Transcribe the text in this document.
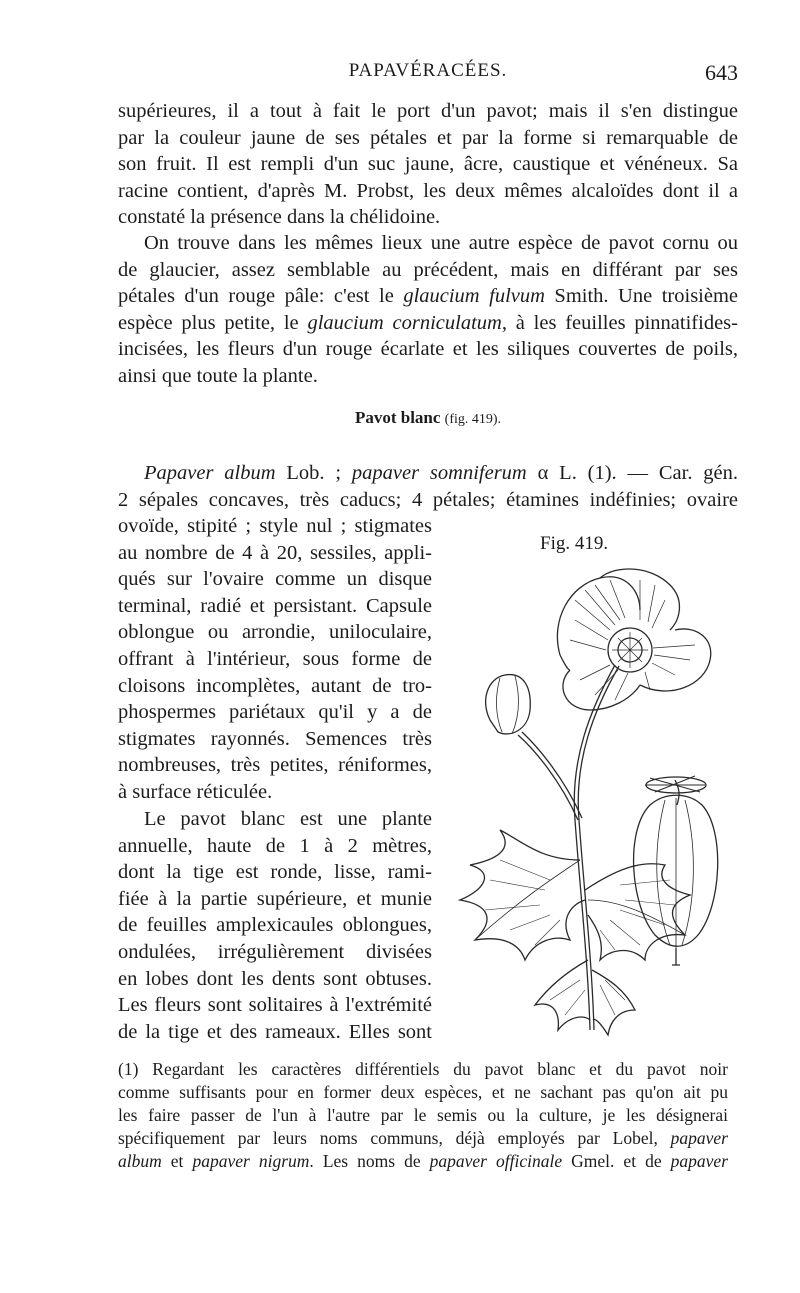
PAPAVÉRACÉES.	643

supérieures, il a tout à fait le port d'un pavot; mais il s'en distingue
par la couleur jaune de ses pétales et par la forme si remarquable de
son fruit. Il est rempli d'un suc jaune, âcre, caustique et vénéneux. Sa
racine contient, d'après M. Probst, les deux mêmes alcaloïdes dont il a
constaté la présence dans la chélidoine.

On trouve dans les mêmes lieux une autre espèce de pavot cornu ou
de glaucier, assez semblable au précédent, mais en différant par ses
pétales d'un rouge pâle: c'est le glaucium fulvum Smith. Une troisième
espèce plus petite, le glaucium corniculatum, à les feuilles pinnatifides-
incisées, les fleurs d'un rouge écarlate et les siliques couvertes de poils,
ainsi que toute la plante.

Pavot blanc (fig. 419).

Papaver album Lob. ; papaver somniferum α L. (1). — Car. gén.
2 sépales concaves, très caducs; 4 pétales; étamines indéfinies; ovaire

ovoïde, stipité ; style nul ; stigmates
au nombre de 4 à 20, sessiles, appli-
qués sur l'ovaire comme un disque
terminal, radié et persistant. Capsule
oblongue ou arrondie, uniloculaire,
offrant à l'intérieur, sous forme de
cloisons incomplètes, autant de tro-
phospermes pariétaux qu'il y a de
stigmates rayonnés. Semences très
nombreuses, très petites, réniformes,
à surface réticulée.

Le pavot blanc est une plante
annuelle, haute de 1 à 2 mètres,
dont la tige est ronde, lisse, rami-
fiée à la partie supérieure, et munie
de feuilles amplexicaules oblongues,
ondulées, irrégulièrement divisées
en lobes dont les dents sont obtuses.
Les fleurs sont solitaires à l'extrémité
de la tige et des rameaux. Elles sont

Fig. 419.

(1) Regardant les caractères différentiels du pavot blanc et du pavot noir
comme suffisants pour en former deux espèces, et ne sachant pas qu'on ait pu
les faire passer de l'un à l'autre par le semis ou la culture, je les désignerai
spécifiquement par leurs noms communs, déjà employés par Lobel, papaver
album et papaver nigrum. Les noms de papaver officinale Gmel. et de papaver
